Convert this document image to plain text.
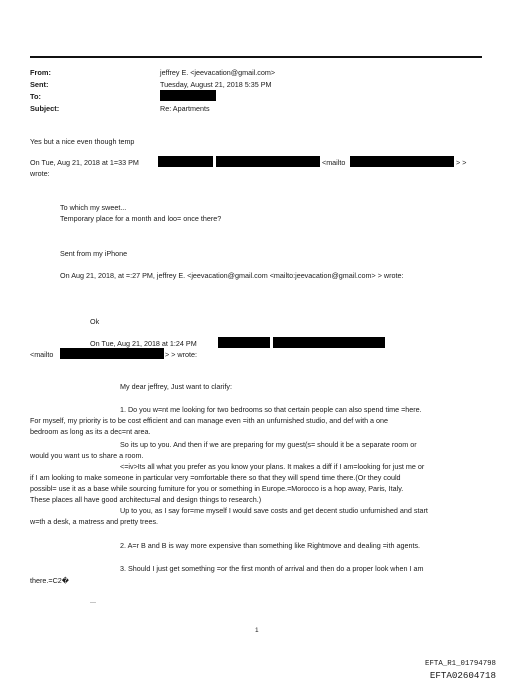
From:	jeffrey E. <jeevacation@gmail.com>
Sent:	Tuesday, August 21, 2018 5:35 PM
To:
Subject:	Re: Apartments
Yes but a nice even though temp
On Tue, Aug 21, 2018 at 1=33 PM	<mailto	> >
wrote:
To which my sweet...
Temporary place for a month and loo= once there?
Sent from my iPhone
On Aug 21, 2018, at =:27 PM, jeffrey E. <jeevacation@gmail.com <mailto:jeevacation@gmail.com> > wrote:
Ok
On Tue, Aug 21, 2018 at 1:24 PM
<mailto	> > wrote:
My dear jeffrey, Just want to clarify:
1. Do you w=nt me looking for two bedrooms so that certain people can also spend time =here.
For myself, my priority is to be cost efficient and can manage even =ith an unfurnished studio, and def with a one
bedroom as long as its a dec=nt area.
So its up to you. And then if we are preparing for my guest(s= should it be a separate room or
would you want us to share a room.
<=iv>Its all what you prefer as you know your plans. It makes a diff if I am=looking for just me or
if I am looking to make someone in particular very =omfortable there so that they will spend time there.(Or they could
possibl= use it as a base while sourcing furniture for you or something in Europe.=Morocco is a hop away, Paris, Italy.
These places all have good architectu=al and design things to research.)
Up to you, as I say for=me myself I would save costs and get decent studio unfurnished and start
w=th a desk, a matress and pretty trees.
2. A=r B and B is way more expensive than something like Rightmove and dealing =ith agents.
3. Should I just get something =or the first month of arrival and then do a proper look when I am
there.=C2�
...
1
EFTA_R1_01794798
EFTA02604718
